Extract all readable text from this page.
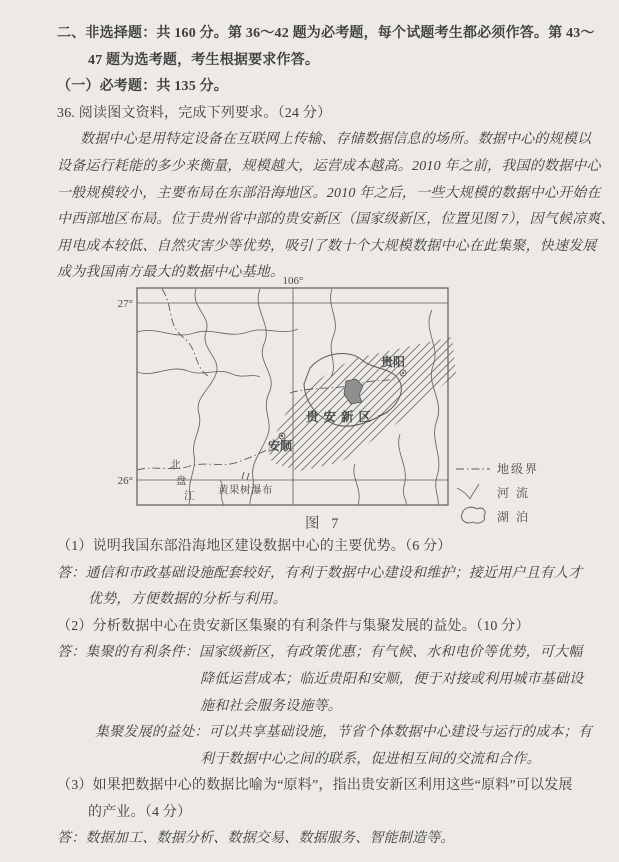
二、非选择题：共 160 分。第 36～42 题为必考题，每个试题考生都必须作答。第 43～
47 题为选考题，考生根据要求作答。
（一）必考题：共 135 分。
36. 阅读图文资料，完成下列要求。（24 分）
数据中心是用特定设备在互联网上传输、存储数据信息的场所。数据中心的规模以
设备运行耗能的多少来衡量，规模越大，运营成本越高。2010 年之前，我国的数据中心
一般规模较小，主要布局在东部沿海地区。2010 年之后，一些大规模的数据中心开始在
中西部地区布局。位于贵州省中部的贵安新区（国家级新区，位置见图 7），因气候凉爽、
用电成本较低、自然灾害少等优势，吸引了数十个大规模数据中心在此集聚，快速发展
成为我国南方最大的数据中心基地。
106°
27°
26°
贵安新区
贵阳
安顺
北
盘
江
黄果树瀑布
地级界
河 流
湖 泊
图 7
（1）说明我国东部沿海地区建设数据中心的主要优势。（6 分）
答：通信和市政基础设施配套较好，有利于数据中心建设和维护；接近用户且有人才
优势，方便数据的分析与利用。
（2）分析数据中心在贵安新区集聚的有利条件与集聚发展的益处。（10 分）
答：集聚的有利条件：国家级新区，有政策优惠；有气候、水和电价等优势，可大幅
降低运营成本；临近贵阳和安顺，便于对接或利用城市基础设
施和社会服务设施等。
集聚发展的益处：可以共享基础设施，节省个体数据中心建设与运行的成本；有
利于数据中心之间的联系，促进相互间的交流和合作。
（3）如果把数据中心的数据比喻为“原料”，指出贵安新区利用这些“原料”可以发展
的产业。（4 分）
答：数据加工、数据分析、数据交易、数据服务、智能制造等。
